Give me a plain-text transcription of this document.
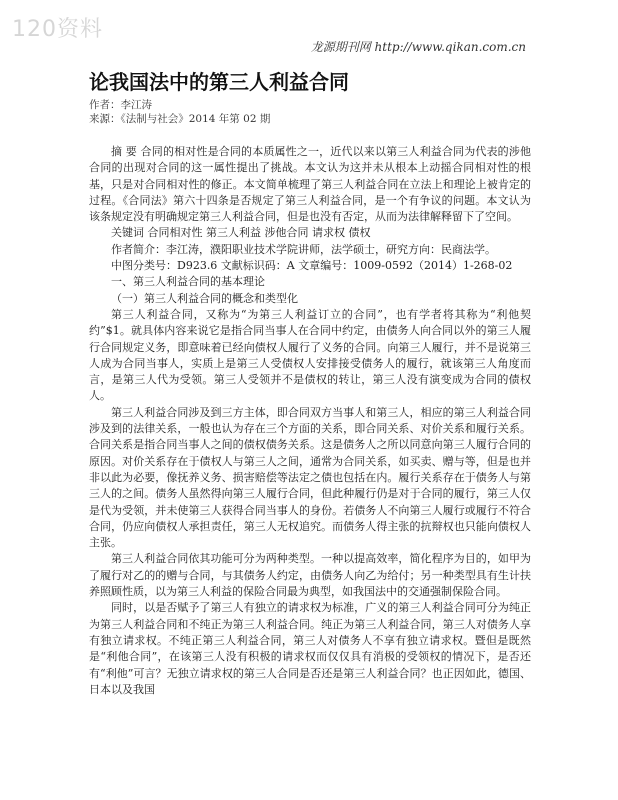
120资料
龙源期刊网 http://www.qikan.com.cn
论我国法中的第三人利益合同
作者：李江涛
来源：《法制与社会》2014 年第 02 期

摘 要 合同的相对性是合同的本质属性之一，近代以来以第三人利益合同为代表的涉他合同的出现对合同的这一属性提出了挑战。本文认为这并未从根本上动摇合同相对性的根基，只是对合同相对性的修正。本文简单梳理了第三人利益合同在立法上和理论上被肯定的过程。《合同法》第六十四条是否规定了第三人利益合同，是一个有争议的问题。本文认为该条规定没有明确规定第三人利益合同，但是也没有否定，从而为法律解释留下了空间。

关键词 合同相对性 第三人利益 涉他合同 请求权 债权

作者简介：李江涛，濮阳职业技术学院讲师，法学硕士，研究方向：民商法学。

中图分类号：D923.6 文献标识码：A 文章编号：1009-0592（2014）1-268-02

一、第三人利益合同的基本理论

（一）第三人利益合同的概念和类型化

第三人利益合同，又称为“为第三人利益订立的合同”，也有学者将其称为“利他契约”$1。就具体内容来说它是指合同当事人在合同中约定，由债务人向合同以外的第三人履行合同规定义务，即意味着已经向债权人履行了义务的合同。向第三人履行，并不是说第三人成为合同当事人，实质上是第三人受债权人安排接受债务人的履行，就该第三人角度而言，是第三人代为受领。第三人受领并不是债权的转让，第三人没有演变成为合同的债权人。

第三人利益合同涉及到三方主体，即合同双方当事人和第三人，相应的第三人利益合同涉及到的法律关系，一般也认为存在三个方面的关系，即合同关系、对价关系和履行关系。合同关系是指合同当事人之间的债权债务关系。这是债务人之所以同意向第三人履行合同的原因。对价关系存在于债权人与第三人之间，通常为合同关系，如买卖、赠与等，但是也并非以此为必要，像抚养义务、损害赔偿等法定之债也包括在内。履行关系存在于债务人与第三人的之间。债务人虽然得向第三人履行合同，但此种履行仍是对于合同的履行，第三人仅是代为受领，并未使第三人获得合同当事人的身份。若债务人不向第三人履行或履行不符合合同，仍应向债权人承担责任，第三人无权追究。而债务人得主张的抗辩权也只能向债权人主张。

第三人利益合同依其功能可分为两种类型。一种以提高效率，简化程序为目的，如甲为了履行对乙的的赠与合同，与其债务人约定，由债务人向乙为给付；另一种类型具有生计扶养照顾性质，以为第三人利益的保险合同最为典型，如我国法中的交通强制保险合同。

同时，以是否赋予了第三人有独立的请求权为标准，广义的第三人利益合同可分为纯正为第三人利益合同和不纯正为第三人利益合同。纯正为第三人利益合同，第三人对债务人享有独立请求权。不纯正第三人利益合同，第三人对债务人不享有独立请求权。暨但是既然是“利他合同”，在该第三人没有积极的请求权而仅仅具有消极的受领权的情况下，是否还有“利他”可言？无独立请求权的第三人合同是否还是第三人利益合同？也正因如此，德国、日本以及我国
